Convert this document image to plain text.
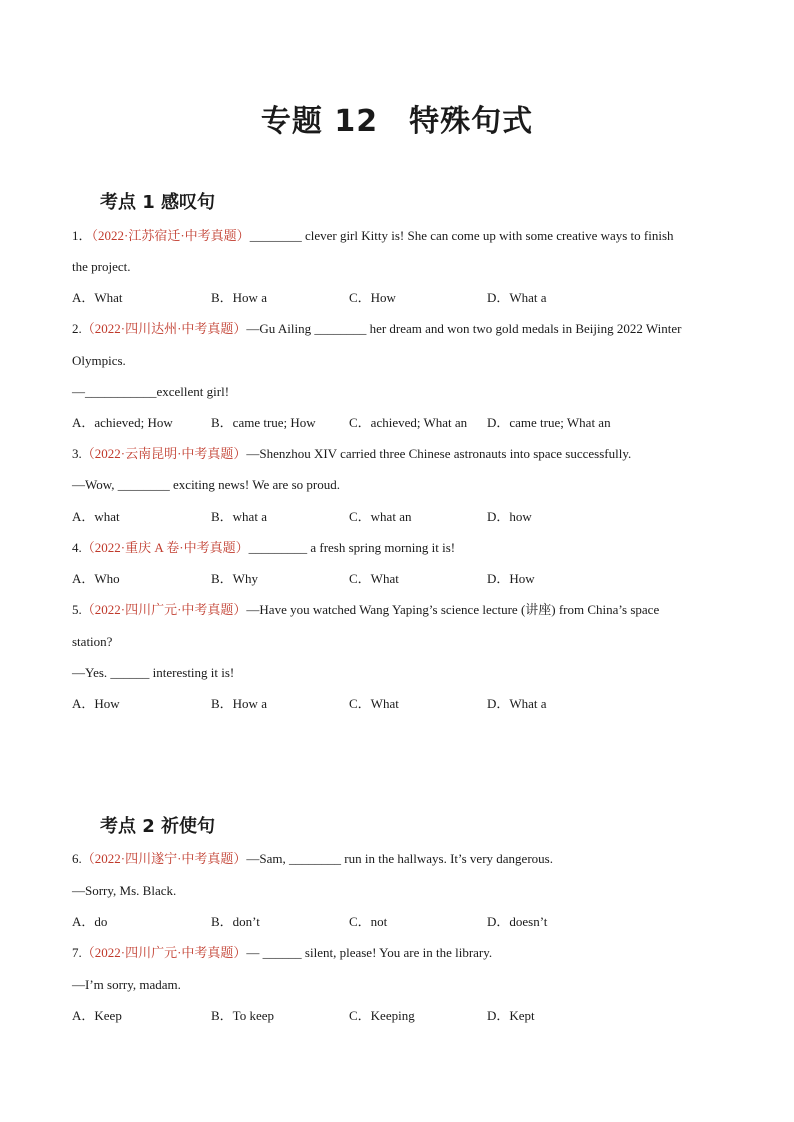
专题 12　特殊句式
考点 1 感叹句
1．（2022·江苏宿迁·中考真题）________ clever girl Kitty is! She can come up with some creative ways to finish
the project.
A．What	B．How a	C．How	D．What a
2.（2022·四川达州·中考真题）—Gu Ailing ________ her dream and won two gold medals in Beijing 2022 Winter
Olympics.
—___________excellent girl!
A．achieved; How	B．came true; How	C．achieved; What an D．came true; What an
3.（2022·云南昆明·中考真题）—Shenzhou XIV carried three Chinese astronauts into space successfully.
—Wow, ________ exciting news! We are so proud.
A．what	B．what a	C．what an	D．how
4.（2022·重庆 A 卷·中考真题）_________ a fresh spring morning it is!
A．Who	B．Why	C．What	D．How
5.（2022·四川广元·中考真题）—Have you watched Wang Yaping’s science lecture (讲座) from China’s space
station?
—Yes. ______ interesting it is!
A．How	B．How a	C．What	D．What a
考点 2 祈使句
6.（2022·四川遂宁·中考真题）—Sam, ________ run in the hallways. It’s very dangerous.
—Sorry, Ms. Black.
A．do	B．don’t	C．not	D．doesn’t
7.（2022·四川广元·中考真题）— ______ silent, please! You are in the library.
—I’m sorry, madam.
A．Keep	B．To keep	C．Keeping	D．Kept
